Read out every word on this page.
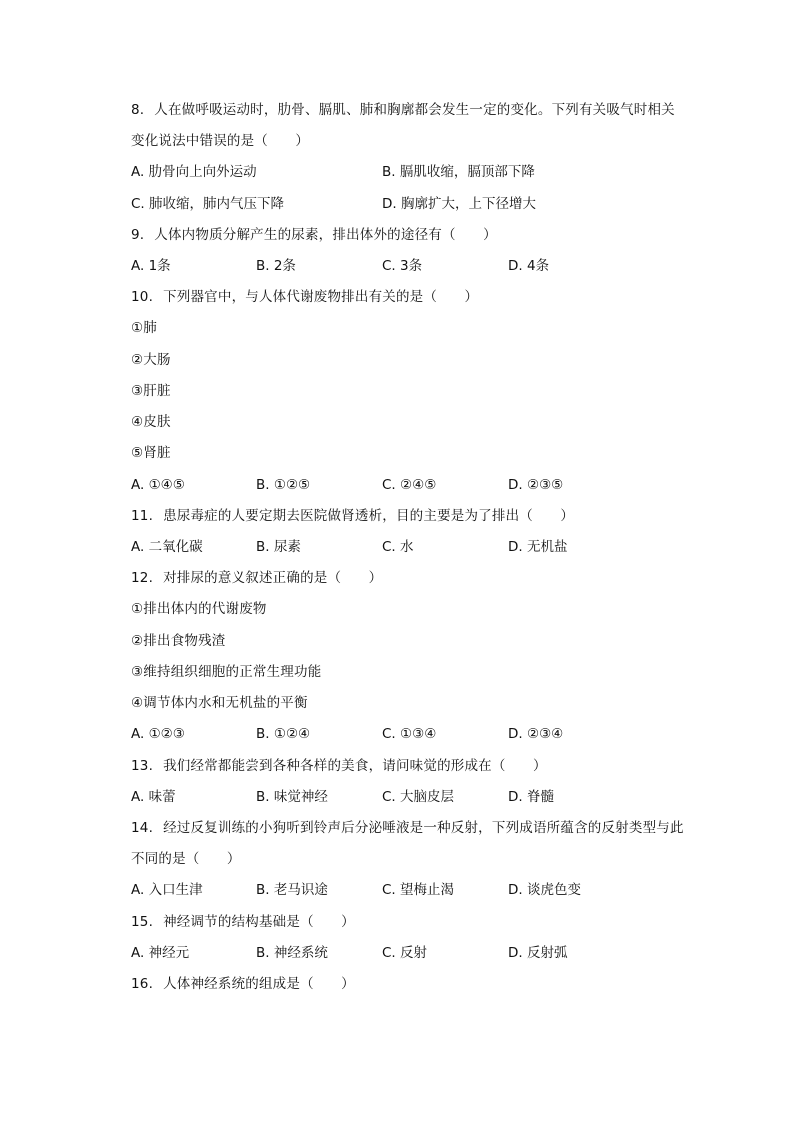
8. 人在做呼吸运动时，肋骨、膈肌、肺和胸廓都会发生一定的变化。下列有关吸气时相关
变化说法中错误的是（　　）
A. 肋骨向上向外运动	B. 膈肌收缩，膈顶部下降
C. 肺收缩，肺内气压下降	D. 胸廓扩大，上下径增大
9. 人体内物质分解产生的尿素，排出体外的途径有（　　）
A. 1条	B. 2条	C. 3条	D. 4条
10. 下列器官中，与人体代谢废物排出有关的是（　　）
①肺
②大肠
③肝脏
④皮肤
⑤肾脏
A. ①④⑤	B. ①②⑤	C. ②④⑤	D. ②③⑤
11. 患尿毒症的人要定期去医院做肾透析，目的主要是为了排出（　　）
A. 二氧化碳	B. 尿素	C. 水	D. 无机盐
12. 对排尿的意义叙述正确的是（　　）
①排出体内的代谢废物
②排出食物残渣
③维持组织细胞的正常生理功能
④调节体内水和无机盐的平衡
A. ①②③	B. ①②④	C. ①③④	D. ②③④
13. 我们经常都能尝到各种各样的美食，请问味觉的形成在（　　）
A. 味蕾	B. 味觉神经	C. 大脑皮层	D. 脊髓
14. 经过反复训练的小狗听到铃声后分泌唾液是一种反射，下列成语所蕴含的反射类型与此
不同的是（　　）
A. 入口生津	B. 老马识途	C. 望梅止渴	D. 谈虎色变
15. 神经调节的结构基础是（　　）
A. 神经元	B. 神经系统	C. 反射	D. 反射弧
16. 人体神经系统的组成是（　　）
